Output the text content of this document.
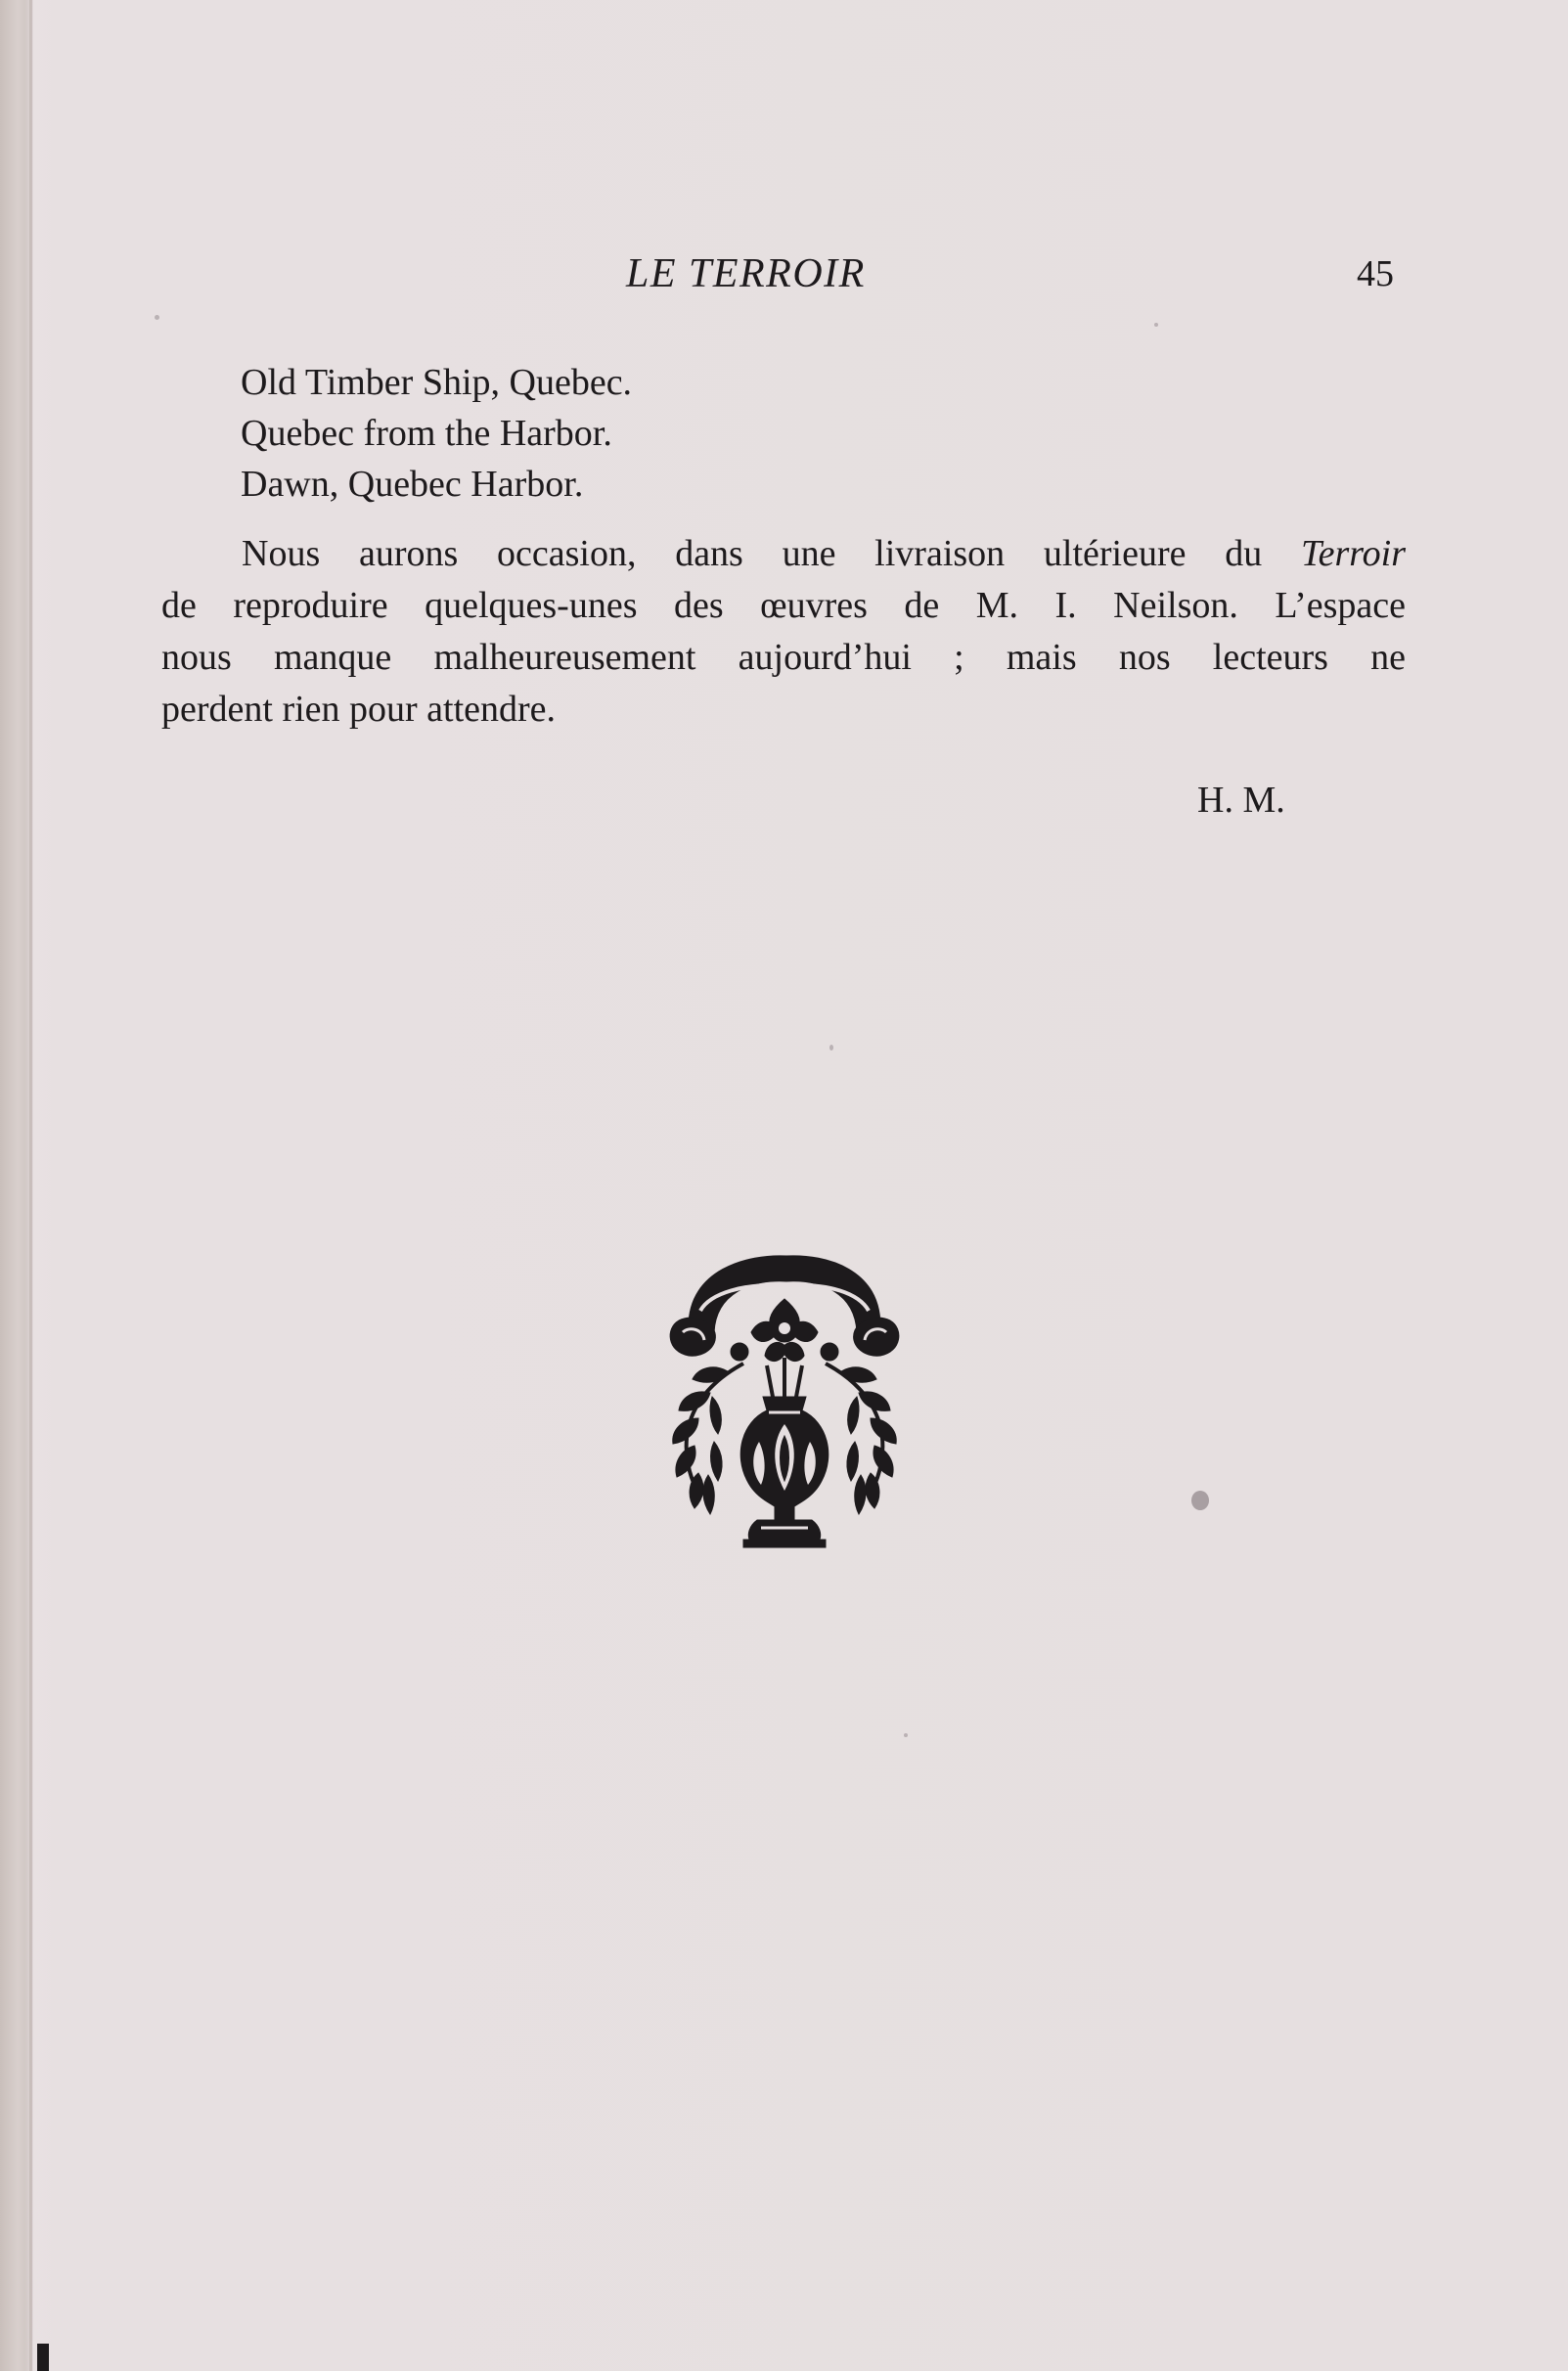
LE TERROIR	45
Old Timber Ship, Quebec.
Quebec from the Harbor.
Dawn, Quebec Harbor.
Nous aurons occasion, dans une livraison ultérieure du Terroir
de reproduire quelques-unes des œuvres de M. I. Neilson. L’espace
nous manque malheureusement aujourd’hui ; mais nos lecteurs ne
perdent rien pour attendre.
H. M.
